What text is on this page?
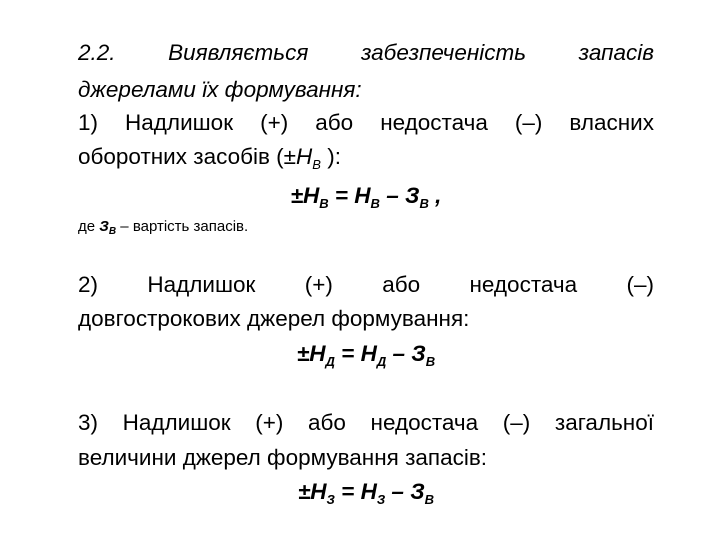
2.2. Виявляється забезпеченість запасів
джерелами їх формування:
1) Надлишок (+) або недостача (–) власних
оборотних засобів ($\pm Н_В$ ):
$\pm Н_В = Н_В - З_В$ ,
де $З_В$ – вартість запасів.
2) Надлишок (+) або недостача (–)
довгострокових джерел формування:
$\pm Н_Д = Н_Д - З_В$
3) Надлишок (+) або недостача (–) загальної
величини джерел формування запасів:
$\pm Н_З = Н_З - З_В$
